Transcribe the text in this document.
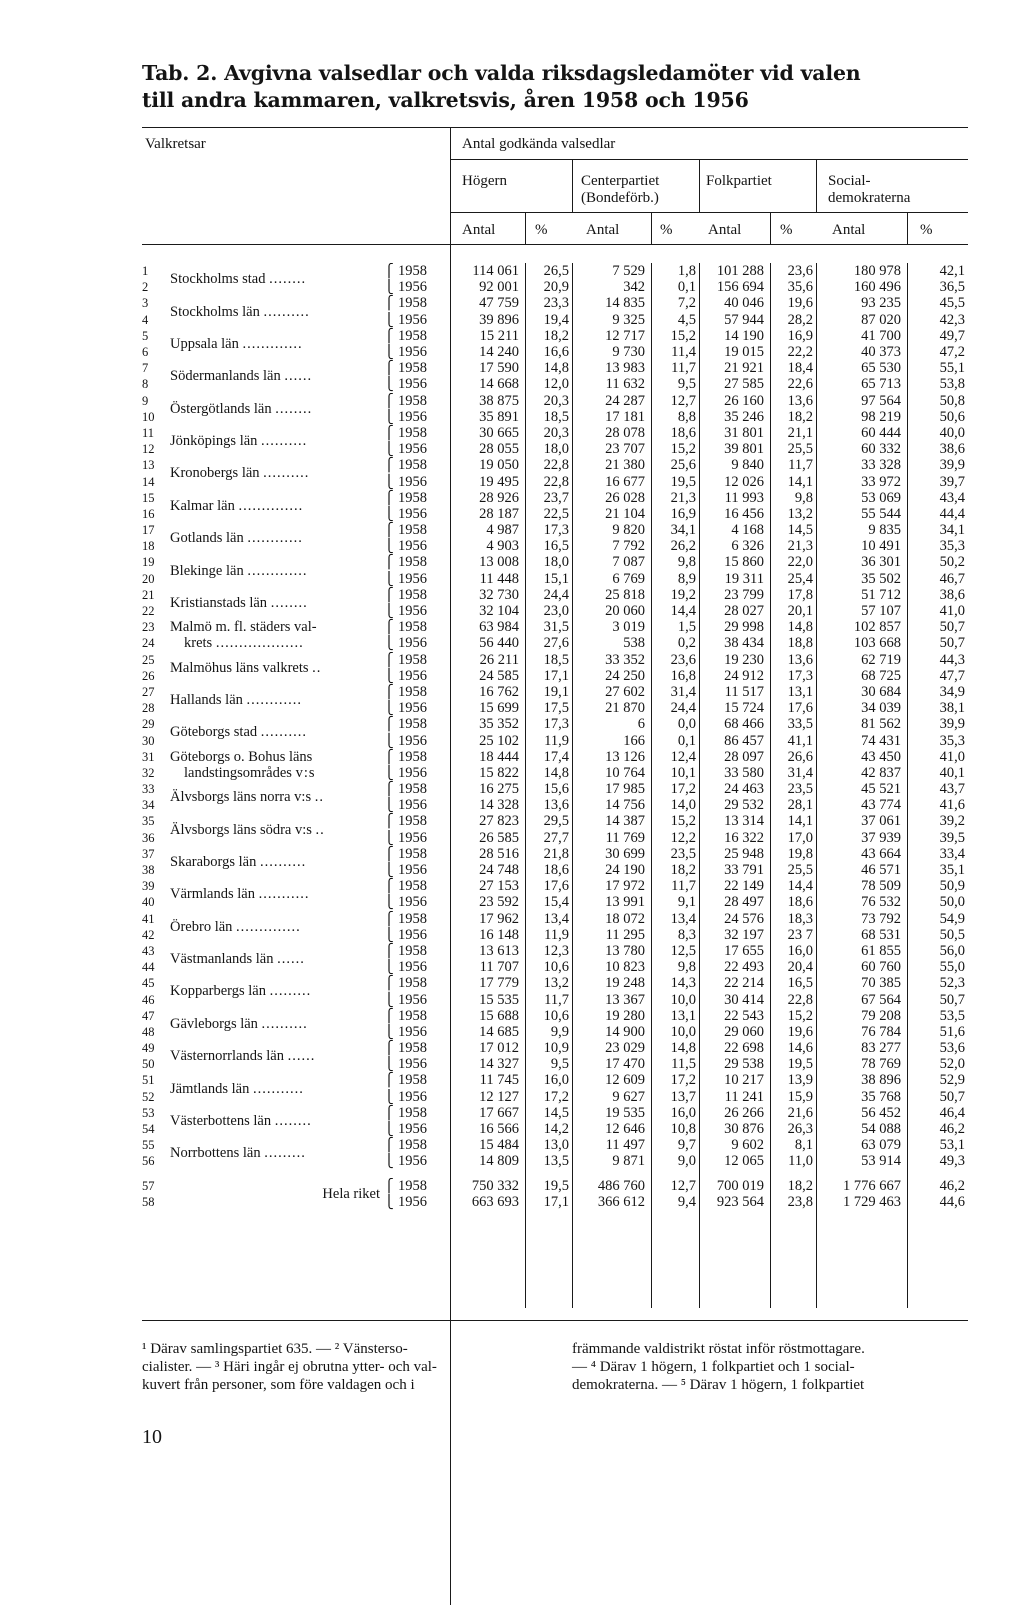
Tab. 2. Avgivna valsedlar och valda riksdagsledamöter vid valen
till andra kammaren, valkretsvis, åren 1958 och 1956
Valkretsar	Antal godkända valsedlar
Högern	Centerpartiet
(Bondeförb.)
Folkpartiet	Social-
demokraterna
Antal	%	Antal	% Antal	%	Antal	%
1	Stockholms stad ........	⎧	1958	114 061	26,5	7 529	1,8	101 288	23,6	180 978	42,1
2		⎩	1956	92 001	20,9	342	0,1	156 694	35,6	160 496	36,5
3	Stockholms län ..........	⎧	1958	47 759	23,3	14 835	7,2	40 046	19,6	93 235	45,5
4		⎩	1956	39 896	19,4	9 325	4,5	57 944	28,2	87 020	42,3
5	Uppsala län .............	⎧	1958	15 211	18,2	12 717	15,2	14 190	16,9	41 700	49,7
6		⎩	1956	14 240	16,6	9 730	11,4	19 015	22,2	40 373	47,2
7	Södermanlands län ......	⎧	1958	17 590	14,8	13 983	11,7	21 921	18,4	65 530	55,1
8		⎩	1956	14 668	12,0	11 632	9,5	27 585	22,6	65 713	53,8
9	Östergötlands län ........	⎧	1958	38 875	20,3	24 287	12,7	26 160	13,6	97 564	50,8
10		⎩	1956	35 891	18,5	17 181	8,8	35 246	18,2	98 219	50,6
11	Jönköpings län ..........	⎧	1958	30 665	20,3	28 078	18,6	31 801	21,1	60 444	40,0
12		⎩	1956	28 055	18,0	23 707	15,2	39 801	25,5	60 332	38,6
13	Kronobergs län ..........	⎧	1958	19 050	22,8	21 380	25,6	9 840	11,7	33 328	39,9
14		⎩	1956	19 495	22,8	16 677	19,5	12 026	14,1	33 972	39,7
15	Kalmar län ..............	⎧	1958	28 926	23,7	26 028	21,3	11 993	9,8	53 069	43,4
16		⎩	1956	28 187	22,5	21 104	16,9	16 456	13,2	55 544	44,4
17	Gotlands län ............	⎧	1958	4 987	17,3	9 820	34,1	4 168	14,5	9 835	34,1
18		⎩	1956	4 903	16,5	7 792	26,2	6 326	21,3	10 491	35,3
19	Blekinge län .............	⎧	1958	13 008	18,0	7 087	9,8	15 860	22,0	36 301	50,2
20		⎩	1956	11 448	15,1	6 769	8,9	19 311	25,4	35 502	46,7
21	Kristianstads län ........	⎧	1958	32 730	24,4	25 818	19,2	23 799	17,8	51 712	38,6
22		⎩	1956	32 104	23,0	20 060	14,4	28 027	20,1	57 107	41,0
23	Malmö m. fl. städers val-	⎧	1958	63 984	31,5	3 019	1,5	29 998	14,8	102 857	50,7
24	krets ...................	⎩	1956	56 440	27,6	538	0,2	38 434	18,8	103 668	50,7
25	Malmöhus läns valkrets ..	⎧	1958	26 211	18,5	33 352	23,6	19 230	13,6	62 719	44,3
26		⎩	1956	24 585	17,1	24 250	16,8	24 912	17,3	68 725	47,7
27	Hallands län ............	⎧	1958	16 762	19,1	27 602	31,4	11 517	13,1	30 684	34,9
28		⎩	1956	15 699	17,5	21 870	24,4	15 724	17,6	34 039	38,1
29	Göteborgs stad ..........	⎧	1958	35 352	17,3	6	0,0	68 466	33,5	81 562	39,9
30		⎩	1956	25 102	11,9	166	0,1	86 457	41,1	74 431	35,3
31	Göteborgs o. Bohus läns	⎧	1958	18 444	17,4	13 126	12,4	28 097	26,6	43 450	41,0
32	landstingsområdes v:s	⎩	1956	15 822	14,8	10 764	10,1	33 580	31,4	42 837	40,1
33	Älvsborgs läns norra v:s ..	⎧	1958	16 275	15,6	17 985	17,2	24 463	23,5	45 521	43,7
34		⎩	1956	14 328	13,6	14 756	14,0	29 532	28,1	43 774	41,6
35	Älvsborgs läns södra v:s ..	⎧	1958	27 823	29,5	14 387	15,2	13 314	14,1	37 061	39,2
36		⎩	1956	26 585	27,7	11 769	12,2	16 322	17,0	37 939	39,5
37	Skaraborgs län ..........	⎧	1958	28 516	21,8	30 699	23,5	25 948	19,8	43 664	33,4
38		⎩	1956	24 748	18,6	24 190	18,2	33 791	25,5	46 571	35,1
39	Värmlands län ...........	⎧	1958	27 153	17,6	17 972	11,7	22 149	14,4	78 509	50,9
40		⎩	1956	23 592	15,4	13 991	9,1	28 497	18,6	76 532	50,0
41	Örebro län ..............	⎧	1958	17 962	13,4	18 072	13,4	24 576	18,3	73 792	54,9
42		⎩	1956	16 148	11,9	11 295	8,3	32 197	23 7	68 531	50,5
43	Västmanlands län ......	⎧	1958	13 613	12,3	13 780	12,5	17 655	16,0	61 855	56,0
44		⎩	1956	11 707	10,6	10 823	9,8	22 493	20,4	60 760	55,0
45	Kopparbergs län .........	⎧	1958	17 779	13,2	19 248	14,3	22 214	16,5	70 385	52,3
46		⎩	1956	15 535	11,7	13 367	10,0	30 414	22,8	67 564	50,7
47	Gävleborgs län ..........	⎧	1958	15 688	10,6	19 280	13,1	22 543	15,2	79 208	53,5
48		⎩	1956	14 685	9,9	14 900	10,0	29 060	19,6	76 784	51,6
49	Västernorrlands län ......	⎧	1958	17 012	10,9	23 029	14,8	22 698	14,6	83 277	53,6
50		⎩	1956	14 327	9,5	17 470	11,5	29 538	19,5	78 769	52,0
51	Jämtlands län ...........	⎧	1958	11 745	16,0	12 609	17,2	10 217	13,9	38 896	52,9
52		⎩	1956	12 127	17,2	9 627	13,7	11 241	15,9	35 768	50,7
53	Västerbottens län ........	⎧	1958	17 667	14,5	19 535	16,0	26 266	21,6	56 452	46,4
54		⎩	1956	16 566	14,2	12 646	10,8	30 876	26,3	54 088	46,2
55	Norrbottens län .........	⎧	1958	15 484	13,0	11 497	9,7	9 602	8,1	63 079	53,1
56		⎩	1956	14 809	13,5	9 871	9,0	12 065	11,0	53 914	49,3

57	Hela riket	⎧	1958	750 332	19,5	486 760	12,7	700 019	18,2	1 776 667	46,2
58		⎩	1956	663 693	17,1	366 612	9,4	923 564	23,8	1 729 463	44,6
¹ Därav samlingspartiet 635. — ² Vänstersо-
cialister. — ³ Häri ingår ej obrutna ytter- och val-
kuvert från personer, som före valdagen och i
främmande valdistrikt röstat inför röstmottagare.
— ⁴ Därav 1 högern, 1 folkpartiet och 1 social-
demokraterna. — ⁵ Därav 1 högern, 1 folkpartiet
10
